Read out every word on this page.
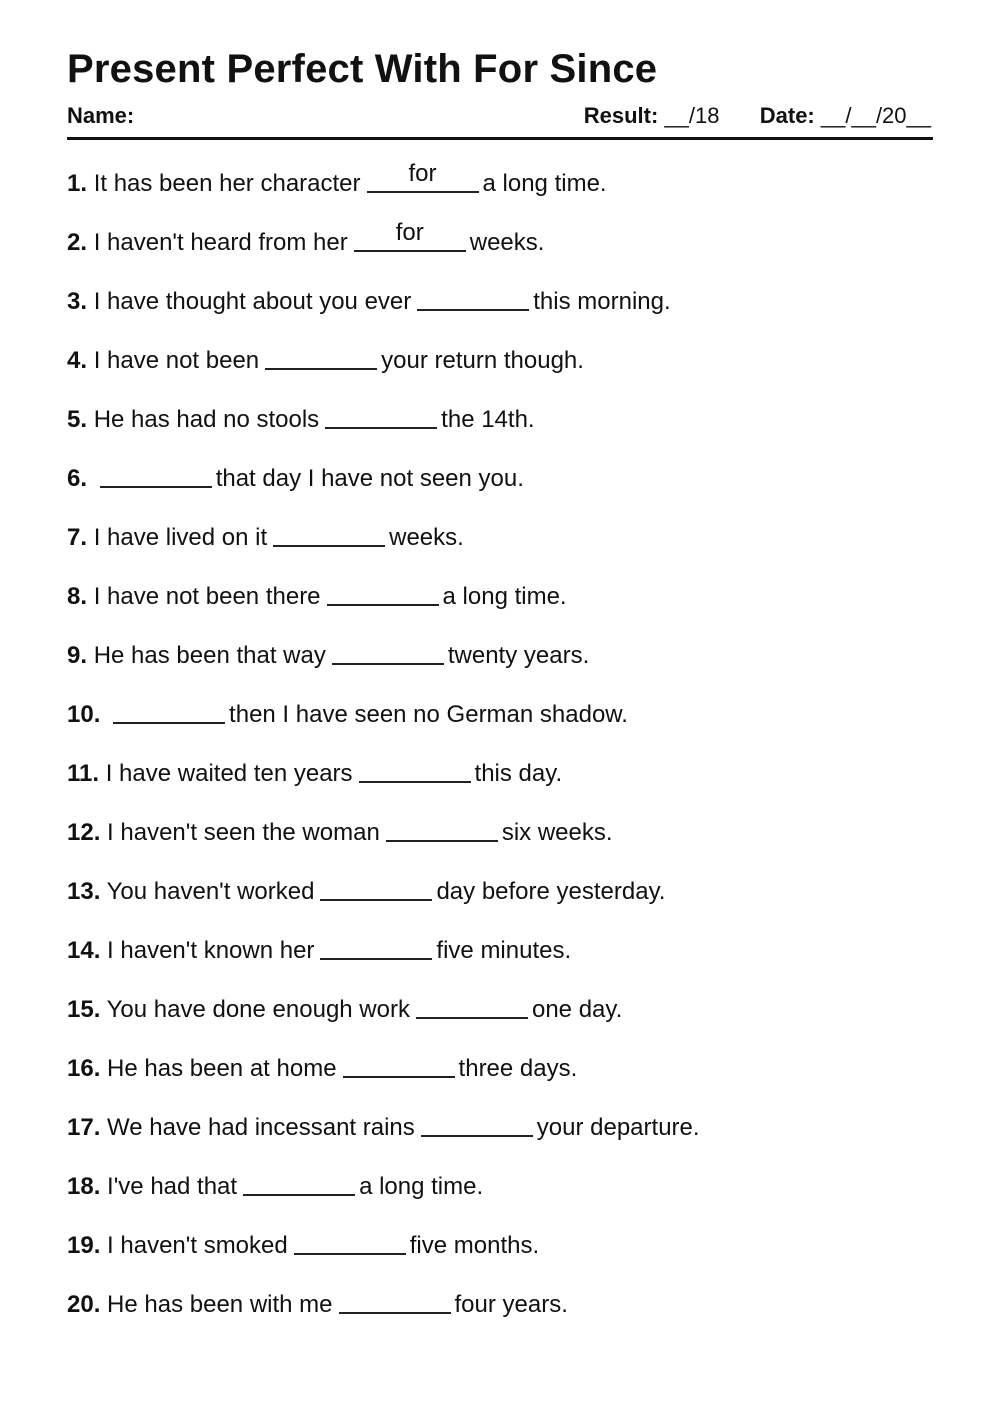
Present Perfect With For Since
Name:	Result: __/18 Date: __/__/20__
1. It has been her character	for	a long time.
2. I haven't heard from her	for	weeks.
3. I have thought about you ever	this morning.
4. I have not been	your return though.
5. He has had no stools	the 14th.
6.	that day I have not seen you.
7. I have lived on it	weeks.
8. I have not been there	a long time.
9. He has been that way	twenty years.
10.	then I have seen no German shadow.
11. I have waited ten years	this day.
12. I haven't seen the woman	six weeks.
13. You haven't worked	day before yesterday.
14. I haven't known her	five minutes.
15. You have done enough work	one day.
16. He has been at home	three days.
17. We have had incessant rains	your departure.
18. I've had that	a long time.
19. I haven't smoked	five months.
20. He has been with me	four years.
